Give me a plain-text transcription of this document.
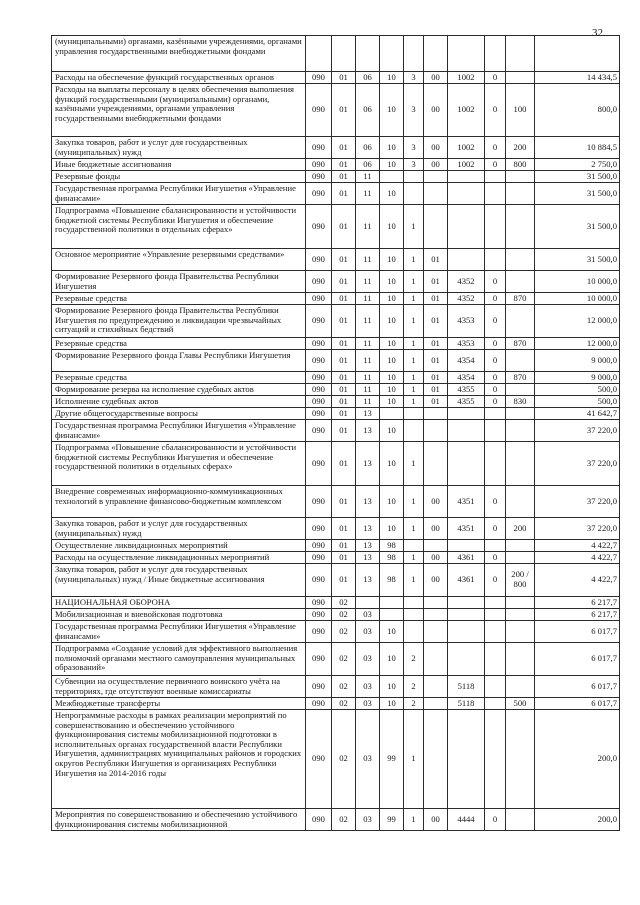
32
(муниципальными) органами, казёнными учреждениями, органами управления государственными внебюджетными фондами										
Расходы на обеспечение функций государственных органов	090	01	06	10	3	00	1002	0		14 434,5
Расходы на выплаты персоналу в целях обеспечения выполнения функций государственными (муниципальными) органами, казёнными учреждениями, органами управления государственными внебюджетными фондами	090	01	06	10	3	00	1002	0	100	800,0
Закупка товаров, работ и услуг для государственных (муниципальных) нужд	090	01	06	10	3	00	1002	0	200	10 884,5
Иные бюджетные ассигнования	090	01	06	10	3	00	1002	0	800	2 750,0
Резервные фонды	090	01	11							31 500,0
Государственная программа Республики Ингушетия «Управление финансами»	090	01	11	10						31 500,0
Подпрограмма «Повышение сбалансированности и устойчивости бюджетной системы Республики Ингушетия и обеспечение государственной политики в отдельных сферах»	090	01	11	10	1					31 500,0
Основное мероприятие «Управление резервными средствами»	090	01	11	10	1	01				31 500,0
Формирование Резервного фонда Правительства Республики Ингушетия	090	01	11	10	1	01	4352	0		10 000,0
Резервные средства	090	01	11	10	1	01	4352	0	870	10 000,0
Формирование Резервного фонда Правительства Республики Ингушетия по предупреждению и ликвидации чрезвычайных ситуаций и стихийных бедствий	090	01	11	10	1	01	4353	0		12 000,0
Резервные средства	090	01	11	10	1	01	4353	0	870	12 000,0
Формирование Резервного фонда Главы Республики Ингушетия	090	01	11	10	1	01	4354	0		9 000,0
Резервные средства	090	01	11	10	1	01	4354	0	870	9 000,0
Формирование резерва на исполнение судебных актов	090	01	11	10	1	01	4355	0		500,0
Исполнение судебных актов	090	01	11	10	1	01	4355	0	830	500,0
Другие общегосударственные вопросы	090	01	13							41 642,7
Государственная программа Республики Ингушетия «Управление финансами»	090	01	13	10						37 220,0
Подпрограмма «Повышение сбалансированности и устойчивости бюджетной системы Республики Ингушетия и обеспечение государственной политики в отдельных сферах»	090	01	13	10	1					37 220,0
Внедрение современных информационно-коммуникационных технологий в управление финансово-бюджетным комплексом	090	01	13	10	1	00	4351	0		37 220,0
Закупка товаров, работ и услуг для государственных (муниципальных) нужд	090	01	13	10	1	00	4351	0	200	37 220,0
Осуществление ликвидационных мероприятий	090	01	13	98						4 422,7
Расходы на осуществление ликвидационных мероприятий	090	01	13	98	1	00	4361	0		4 422,7
Закупка товаров, работ и услуг для государственных (муниципальных) нужд / Иные бюджетные ассигнования	090	01	13	98	1	00	4361	0	200 / 800	4 422,7
НАЦИОНАЛЬНАЯ ОБОРОНА	090	02								6 217,7
Мобилизационная и вневойсковая подготовка	090	02	03							6 217,7
Государственная программа Республики Ингушетия «Управление финансами»	090	02	03	10						6 017,7
Подпрограмма «Создание условий для эффективного выполнения полномочий органами местного самоуправления муниципальных образований»	090	02	03	10	2					6 017,7
Субвенции на осуществление первичного воинского учёта на территориях, где отсутствуют военные комиссариаты	090	02	03	10	2		5118			6 017,7
Межбюджетные трансферты	090	02	03	10	2		5118		500	6 017,7
Непрограммные расходы в рамках реализации мероприятий по совершенствованию и обеспечению устойчивого функционирования системы мобилизационной подготовки в исполнительных органах государственной власти Республики Ингушетия, администрациях муниципальных районов и городских округов Республики Ингушетия и организациях Республики Ингушетия на 2014-2016 годы	090	02	03	99	1					200,0
Мероприятия по совершенствованию и обеспечению устойчивого функционирования системы мобилизационной	090	02	03	99	1	00	4444	0		200,0
